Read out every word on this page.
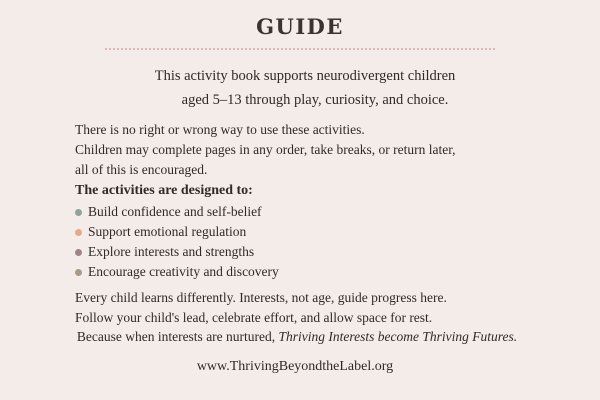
GUIDE
This activity book supports neurodivergent children
aged 5–13 through play, curiosity, and choice.
There is no right or wrong way to use these activities.
Children may complete pages in any order, take breaks, or return later,
all of this is encouraged.
The activities are designed to:
Build confidence and self-belief
Support emotional regulation
Explore interests and strengths
Encourage creativity and discovery
Every child learns differently. Interests, not age, guide progress here.
Follow your child's lead, celebrate effort, and allow space for rest.
Because when interests are nurtured, Thriving Interests become Thriving Futures.
www.ThrivingBeyondtheLabel.org
